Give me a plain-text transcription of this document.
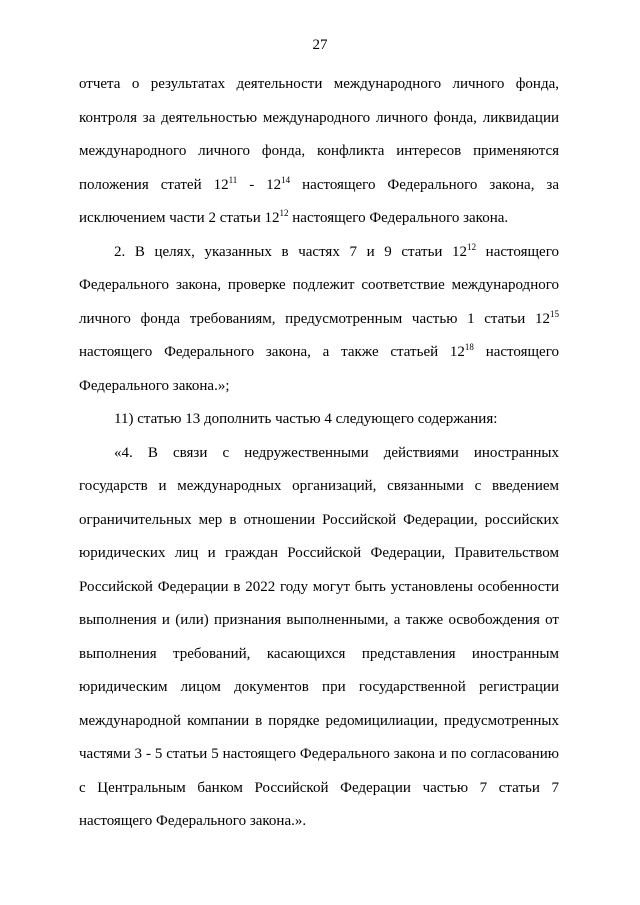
27

отчета о результатах деятельности международного личного фонда, контроля за деятельностью международного личного фонда, ликвидации международного личного фонда, конфликта интересов применяются положения статей $12^{11} - 12^{14}$ настоящего Федерального закона, за исключением части 2 статьи $12^{12}$ настоящего Федерального закона.

2. В целях, указанных в частях 7 и 9 статьи $12^{12}$ настоящего Федерального закона, проверке подлежит соответствие международного личного фонда требованиям, предусмотренным частью 1 статьи $12^{15}$ настоящего Федерального закона, а также статьей $12^{18}$ настоящего Федерального закона.»;

11) статью 13 дополнить частью 4 следующего содержания:

«4. В связи с недружественными действиями иностранных государств и международных организаций, связанными с введением ограничительных мер в отношении Российской Федерации, российских юридических лиц и граждан Российской Федерации, Правительством Российской Федерации в 2022 году могут быть установлены особенности выполнения и (или) признания выполненными, а также освобождения от выполнения требований, касающихся представления иностранным юридическим лицом документов при государственной регистрации международной компании в порядке редомицилиации, предусмотренных частями 3 - 5 статьи 5 настоящего Федерального закона и по согласованию с Центральным банком Российской Федерации частью 7 статьи 7 настоящего Федерального закона.».
